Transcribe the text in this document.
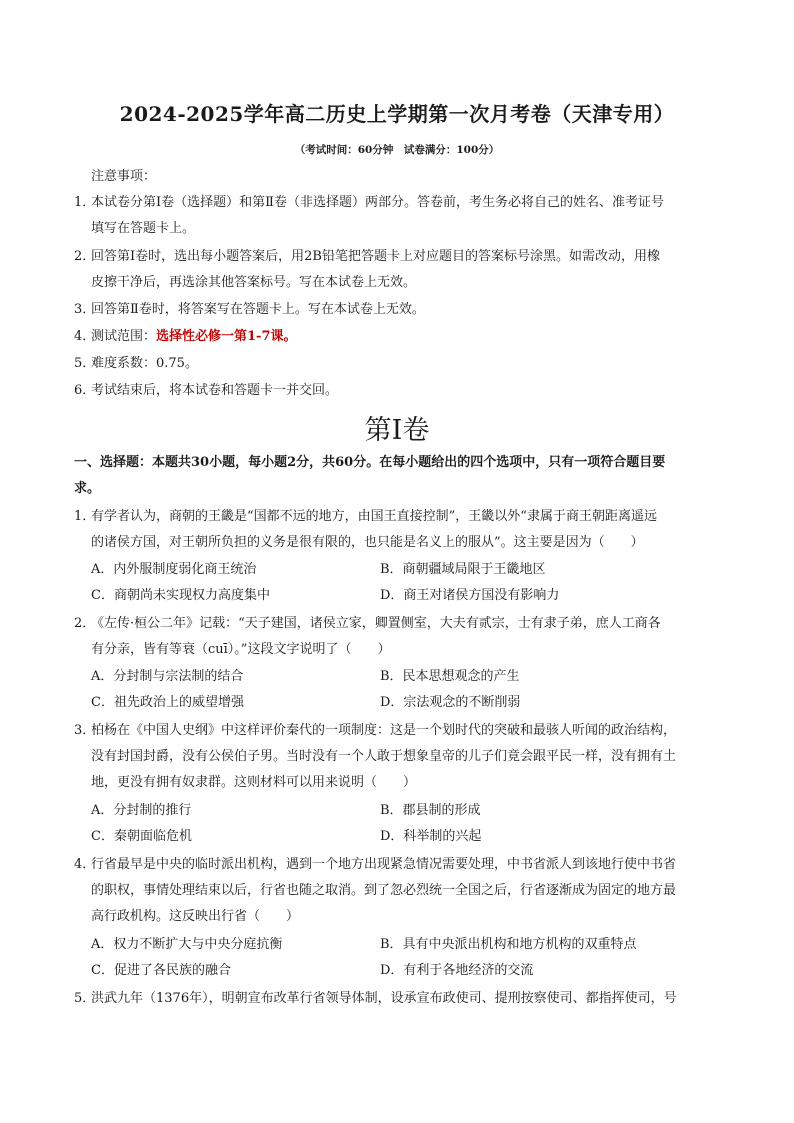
2024-2025学年高二历史上学期第一次月考卷（天津专用）
（考试时间：60分钟　试卷满分：100分）
注意事项：
1．本试卷分第Ⅰ卷（选择题）和第Ⅱ卷（非选择题）两部分。答卷前，考生务必将自己的姓名、准考证号
填写在答题卡上。
2．回答第Ⅰ卷时，选出每小题答案后，用2B铅笔把答题卡上对应题目的答案标号涂黑。如需改动，用橡
皮擦干净后，再选涂其他答案标号。写在本试卷上无效。
3．回答第Ⅱ卷时，将答案写在答题卡上。写在本试卷上无效。
4．测试范围：选择性必修一第1-7课。
5．难度系数：0.75。
6．考试结束后，将本试卷和答题卡一并交回。
第Ⅰ卷
一、选择题：本题共30小题，每小题2分，共60分。在每小题给出的四个选项中，只有一项符合题目要
求。
1．有学者认为，商朝的王畿是“国都不远的地方，由国王直接控制”，王畿以外“隶属于商王朝距离遥远
的诸侯方国，对王朝所负担的义务是很有限的，也只能是名义上的服从”。这主要是因为（　　）
A．内外服制度弱化商王统治	B．商朝疆域局限于王畿地区
C．商朝尚未实现权力高度集中	D．商王对诸侯方国没有影响力
2．《左传·桓公二年》记载：“天子建国，诸侯立家，卿置侧室，大夫有贰宗，士有隶子弟，庶人工商各
有分亲，皆有等衰（cuī）。”这段文字说明了（　　）
A．分封制与宗法制的结合	B．民本思想观念的产生
C．祖先政治上的威望增强	D．宗法观念的不断削弱
3．柏杨在《中国人史纲》中这样评价秦代的一项制度：这是一个划时代的突破和最骇人听闻的政治结构，
没有封国封爵，没有公侯伯子男。当时没有一个人敢于想象皇帝的儿子们竟会跟平民一样，没有拥有土
地，更没有拥有奴隶群。这则材料可以用来说明（　　）
A．分封制的推行	B．郡县制的形成
C．秦朝面临危机	D．科举制的兴起
4．行省最早是中央的临时派出机构，遇到一个地方出现紧急情况需要处理，中书省派人到该地行使中书省
的职权，事情处理结束以后，行省也随之取消。到了忽必烈统一全国之后，行省逐渐成为固定的地方最
高行政机构。这反映出行省（　　）
A．权力不断扩大与中央分庭抗衡	B．具有中央派出机构和地方机构的双重特点
C．促进了各民族的融合	D．有利于各地经济的交流
5．洪武九年（1376年），明朝宣布改革行省领导体制，设承宣布政使司、提刑按察使司、都指挥使司，号
